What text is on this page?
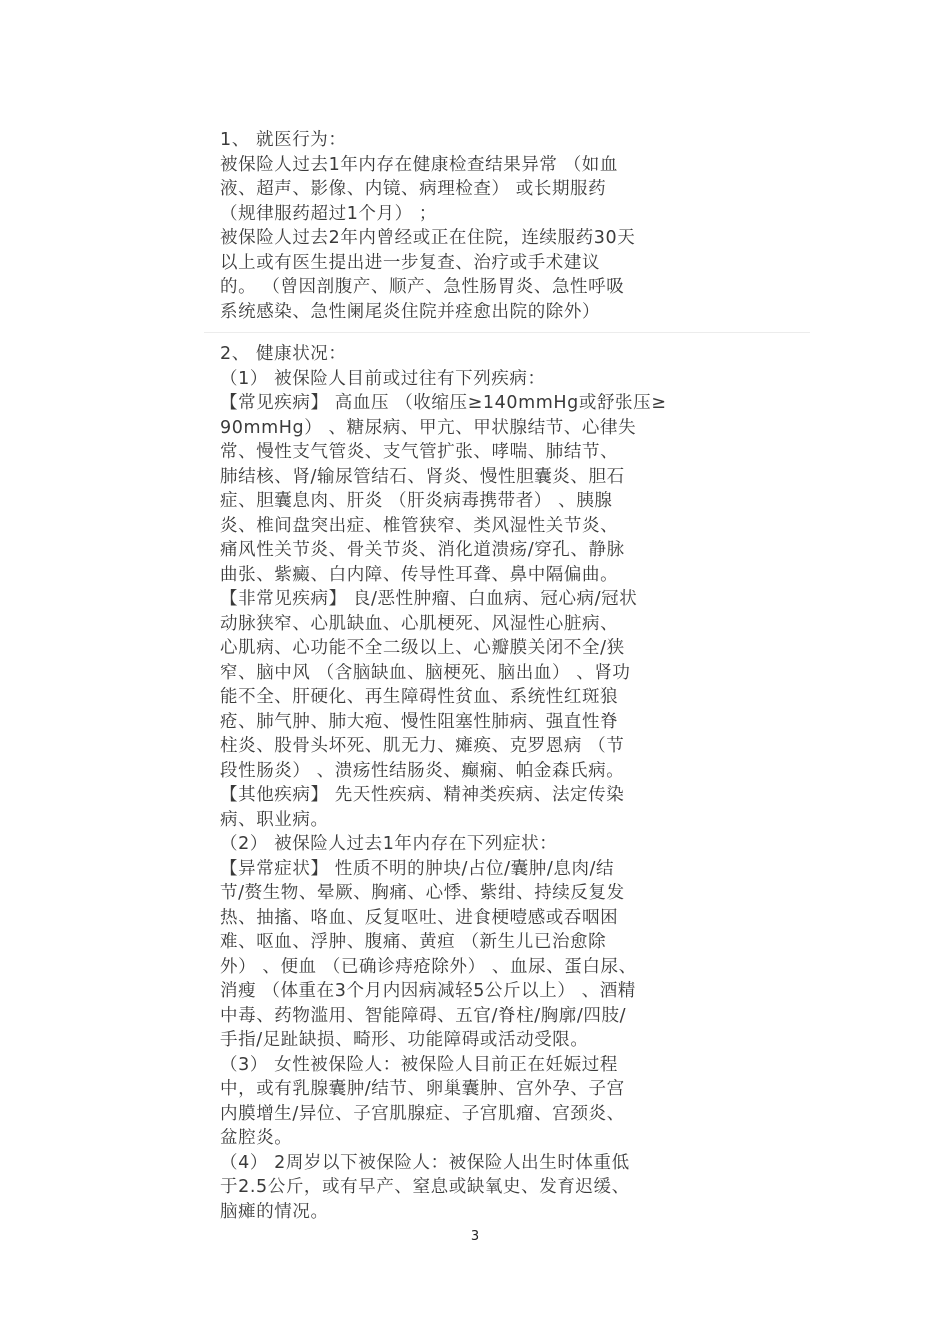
1、 就医行为：
被保险人过去1年内存在健康检查结果异常 （如血
液、超声、影像、内镜、病理检查） 或长期服药
（规律服药超过1个月） ；
被保险人过去2年内曾经或正在住院，连续服药30天
以上或有医生提出进一步复查、治疗或手术建议
的。 （曾因剖腹产、顺产、急性肠胃炎、急性呼吸
系统感染、急性阑尾炎住院并痊愈出院的除外）
2、 健康状况：
（1） 被保险人目前或过往有下列疾病：
【常见疾病】 高血压 （收缩压≥140mmHg或舒张压≥
90mmHg） 、糖尿病、甲亢、甲状腺结节、心律失
常、慢性支气管炎、支气管扩张、哮喘、肺结节、
肺结核、肾/输尿管结石、肾炎、慢性胆囊炎、胆石
症、胆囊息肉、肝炎 （肝炎病毒携带者） 、胰腺
炎、椎间盘突出症、椎管狭窄、类风湿性关节炎、
痛风性关节炎、骨关节炎、消化道溃疡/穿孔、静脉
曲张、紫癜、白内障、传导性耳聋、鼻中隔偏曲。
【非常见疾病】 良/恶性肿瘤、白血病、冠心病/冠状
动脉狭窄、心肌缺血、心肌梗死、风湿性心脏病、
心肌病、心功能不全二级以上、心瓣膜关闭不全/狭
窄、脑中风 （含脑缺血、脑梗死、脑出血） 、肾功
能不全、肝硬化、再生障碍性贫血、系统性红斑狼
疮、肺气肿、肺大疱、慢性阻塞性肺病、强直性脊
柱炎、股骨头坏死、肌无力、瘫痪、克罗恩病 （节
段性肠炎） 、溃疡性结肠炎、癫痫、帕金森氏病。
【其他疾病】 先天性疾病、精神类疾病、法定传染
病、职业病。
（2） 被保险人过去1年内存在下列症状：
【异常症状】 性质不明的肿块/占位/囊肿/息肉/结
节/赘生物、晕厥、胸痛、心悸、紫绀、持续反复发
热、抽搐、咯血、反复呕吐、进食梗噎感或吞咽困
难、呕血、浮肿、腹痛、黄疸 （新生儿已治愈除
外） 、便血 （已确诊痔疮除外） 、血尿、蛋白尿、
消瘦 （体重在3个月内因病减轻5公斤以上） 、酒精
中毒、药物滥用、智能障碍、五官/脊柱/胸廓/四肢/
手指/足趾缺损、畸形、功能障碍或活动受限。
（3） 女性被保险人：被保险人目前正在妊娠过程
中，或有乳腺囊肿/结节、卵巢囊肿、宫外孕、子宫
内膜增生/异位、子宫肌腺症、子宫肌瘤、宫颈炎、
盆腔炎。
（4） 2周岁以下被保险人：被保险人出生时体重低
于2.5公斤，或有早产、窒息或缺氧史、发育迟缓、
脑瘫的情况。
3
